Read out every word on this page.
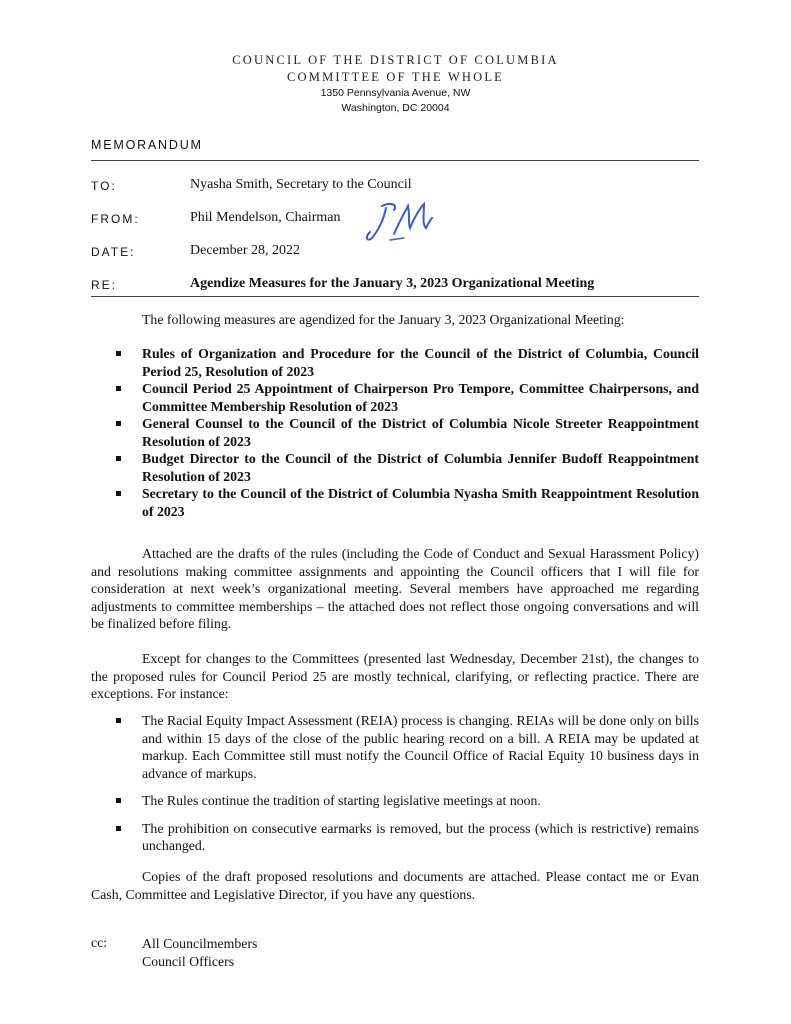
COUNCIL OF THE DISTRICT OF COLUMBIA
COMMITTEE OF THE WHOLE
1350 Pennsylvania Avenue, NW
Washington, DC 20004
MEMORANDUM
TO:	Nyasha Smith, Secretary to the Council
FROM:	Phil Mendelson, Chairman
DATE:	December 28, 2022
RE:	Agendize Measures for the January 3, 2023 Organizational Meeting
The following measures are agendized for the January 3, 2023 Organizational Meeting:
Rules of Organization and Procedure for the Council of the District of Columbia, Council Period 25, Resolution of 2023
Council Period 25 Appointment of Chairperson Pro Tempore, Committee Chairpersons, and Committee Membership Resolution of 2023
General Counsel to the Council of the District of Columbia Nicole Streeter Reappointment Resolution of 2023
Budget Director to the Council of the District of Columbia Jennifer Budoff Reappointment Resolution of 2023
Secretary to the Council of the District of Columbia Nyasha Smith Reappointment Resolution of 2023
Attached are the drafts of the rules (including the Code of Conduct and Sexual Harassment Policy) and resolutions making committee assignments and appointing the Council officers that I will file for consideration at next week’s organizational meeting. Several members have approached me regarding adjustments to committee memberships – the attached does not reflect those ongoing conversations and will be finalized before filing.
Except for changes to the Committees (presented last Wednesday, December 21st), the changes to the proposed rules for Council Period 25 are mostly technical, clarifying, or reflecting practice. There are exceptions. For instance:
The Racial Equity Impact Assessment (REIA) process is changing. REIAs will be done only on bills and within 15 days of the close of the public hearing record on a bill. A REIA may be updated at markup. Each Committee still must notify the Council Office of Racial Equity 10 business days in advance of markups.
The Rules continue the tradition of starting legislative meetings at noon.
The prohibition on consecutive earmarks is removed, but the process (which is restrictive) remains unchanged.
Copies of the draft proposed resolutions and documents are attached. Please contact me or Evan Cash, Committee and Legislative Director, if you have any questions.
cc:	All Councilmembers
Council Officers
